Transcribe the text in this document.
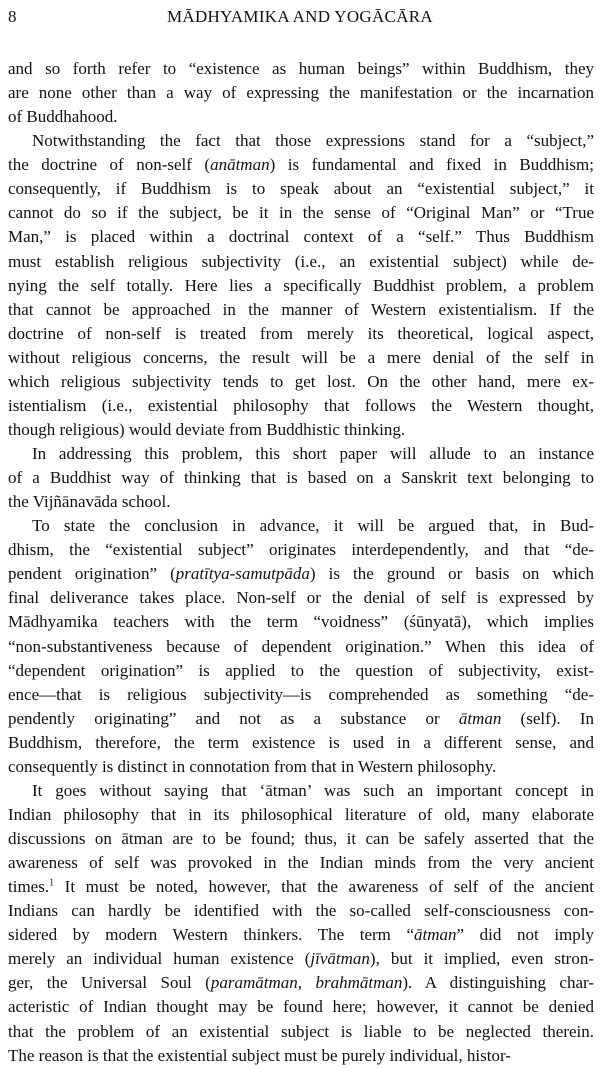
8	MĀDHYAMIKA AND YOGĀCĀRA
and so forth refer to “existence as human beings” within Buddhism, they
are none other than a way of expressing the manifestation or the incarnation
of Buddhahood.
Notwithstanding the fact that those expressions stand for a “subject,”
the doctrine of non-self (anātman) is fundamental and fixed in Buddhism;
consequently, if Buddhism is to speak about an “existential subject,” it
cannot do so if the subject, be it in the sense of “Original Man” or “True
Man,” is placed within a doctrinal context of a “self.” Thus Buddhism
must establish religious subjectivity (i.e., an existential subject) while de-
nying the self totally. Here lies a specifically Buddhist problem, a problem
that cannot be approached in the manner of Western existentialism. If the
doctrine of non-self is treated from merely its theoretical, logical aspect,
without religious concerns, the result will be a mere denial of the self in
which religious subjectivity tends to get lost. On the other hand, mere ex-
istentialism (i.e., existential philosophy that follows the Western thought,
though religious) would deviate from Buddhistic thinking.
In addressing this problem, this short paper will allude to an instance
of a Buddhist way of thinking that is based on a Sanskrit text belonging to
the Vijñānavāda school.
To state the conclusion in advance, it will be argued that, in Bud-
dhism, the “existential subject” originates interdependently, and that “de-
pendent origination” (pratītya-samutpāda) is the ground or basis on which
final deliverance takes place. Non-self or the denial of self is expressed by
Mādhyamika teachers with the term “voidness” (śūnyatā), which implies
“non-substantiveness because of dependent origination.” When this idea of
“dependent origination” is applied to the question of subjectivity, exist-
ence—that is religious subjectivity—is comprehended as something “de-
pendently originating” and not as a substance or ātman (self). In
Buddhism, therefore, the term existence is used in a different sense, and
consequently is distinct in connotation from that in Western philosophy.
It goes without saying that ‘ātman’ was such an important concept in
Indian philosophy that in its philosophical literature of old, many elaborate
discussions on ātman are to be found; thus, it can be safely asserted that the
awareness of self was provoked in the Indian minds from the very ancient
times.$^1$ It must be noted, however, that the awareness of self of the ancient
Indians can hardly be identified with the so-called self-consciousness con-
sidered by modern Western thinkers. The term “ātman” did not imply
merely an individual human existence (jīvātman), but it implied, even stron-
ger, the Universal Soul (paramātman, brahmātman). A distinguishing char-
acteristic of Indian thought may be found here; however, it cannot be denied
that the problem of an existential subject is liable to be neglected therein.
The reason is that the existential subject must be purely individual, histor-
